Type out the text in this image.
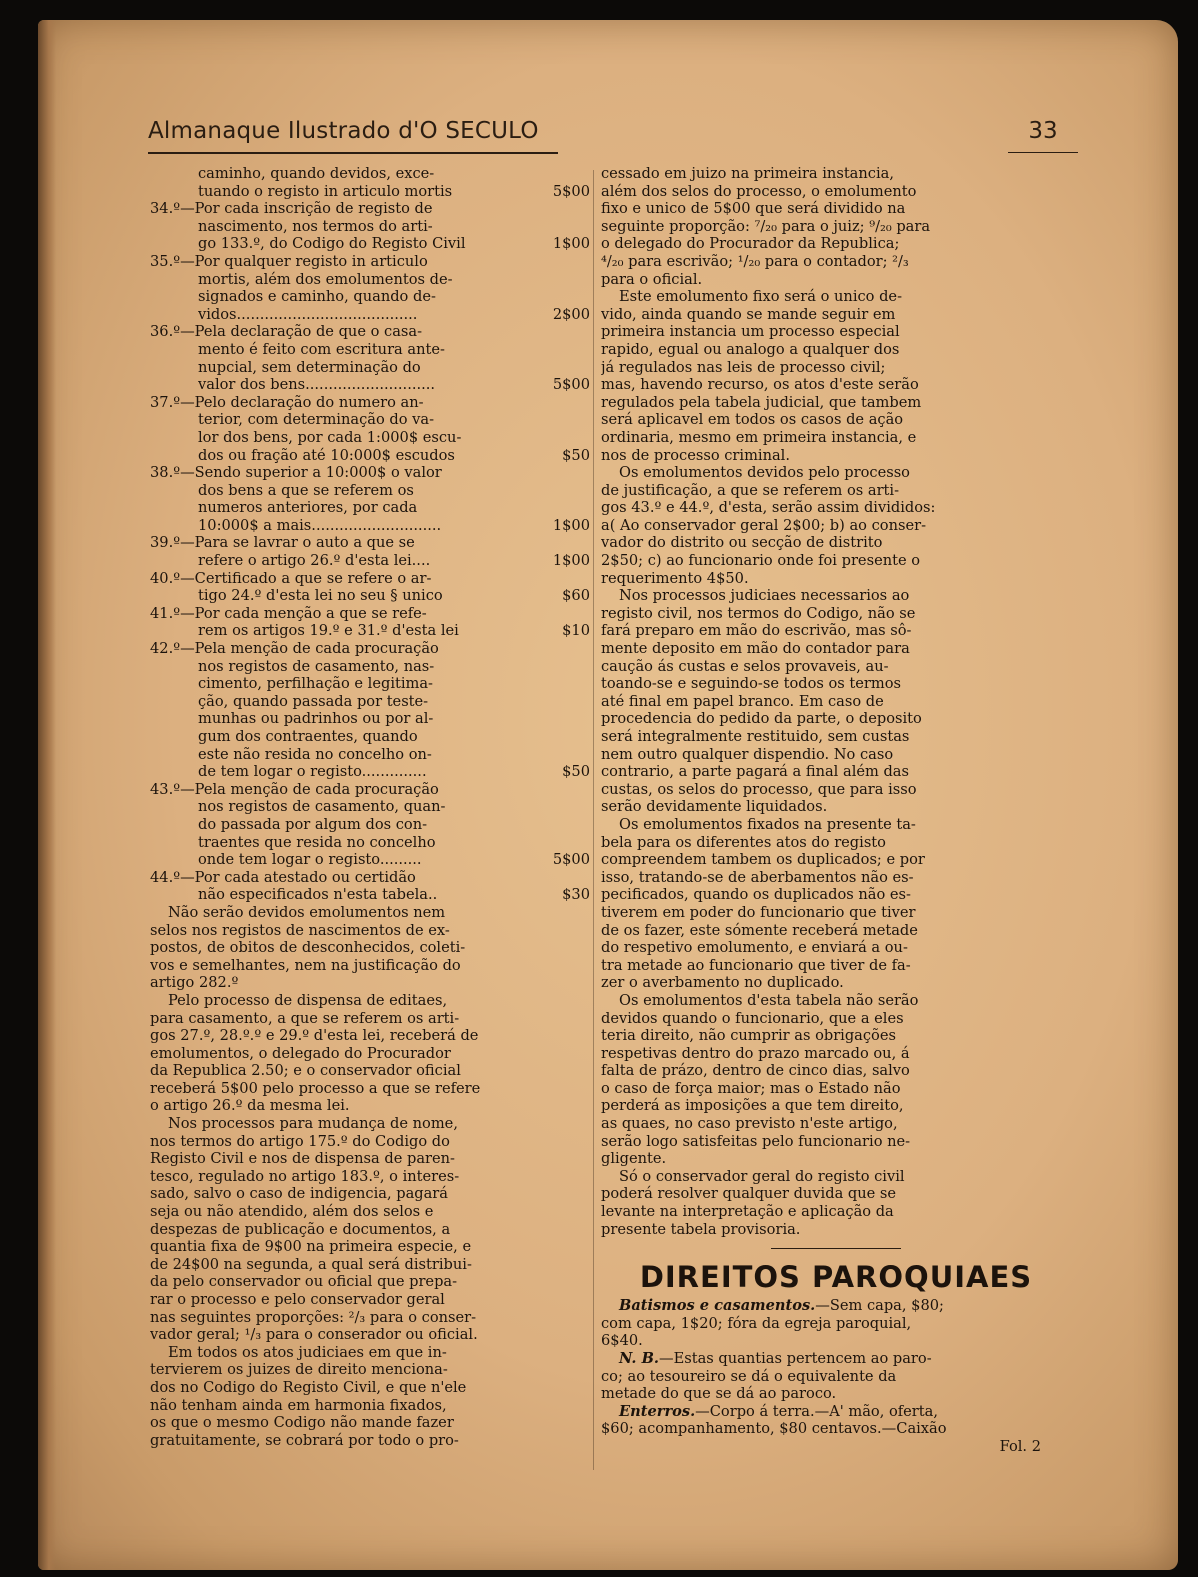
Almanaque Ilustrado d'O SECULO	33
caminho, quando devidos, exce-
tuando o registo in articulo mortis	5$00
34.º—Por cada inscrição de registo de
nascimento, nos termos do arti-
go 133.º, do Codigo do Registo Civil	1$00
35.º—Por qualquer registo in articulo
mortis, além dos emolumentos de-
signados e caminho, quando de-
vidos.......................................	2$00
36.º—Pela declaração de que o casa-
mento é feito com escritura ante-
nupcial, sem determinação do
valor dos bens............................	5$00
37.º—Pelo declaração do numero an-
terior, com determinação do va-
lor dos bens, por cada 1:000$ escu-
dos ou fração até 10:000$ escudos	$50
38.º—Sendo superior a 10:000$ o valor
dos bens a que se referem os
numeros anteriores, por cada
10:000$ a mais............................	1$00
39.º—Para se lavrar o auto a que se
refere o artigo 26.º d'esta lei....	1$00
40.º—Certificado a que se refere o ar-
tigo 24.º d'esta lei no seu § unico	$60
41.º—Por cada menção a que se refe-
rem os artigos 19.º e 31.º d'esta lei	$10
42.º—Pela menção de cada procuração
nos registos de casamento, nas-
cimento, perfilhação e legitima-
ção, quando passada por teste-
munhas ou padrinhos ou por al-
gum dos contraentes, quando
este não resida no concelho on-
de tem logar o registo..............	$50
43.º—Pela menção de cada procuração
nos registos de casamento, quan-
do passada por algum dos con-
traentes que resida no concelho
onde tem logar o registo.........	5$00
44.º—Por cada atestado ou certidão
não especificados n'esta tabela..	$30
Não serão devidos emolumentos nem
selos nos registos de nascimentos de ex-
postos, de obitos de desconhecidos, coleti-
vos e semelhantes, nem na justificação do
artigo 282.º
Pelo processo de dispensa de editaes,
para casamento, a que se referem os arti-
gos 27.º, 28.º.º e 29.º d'esta lei, receberá de
emolumentos, o delegado do Procurador
da Republica 2.50; e o conservador oficial
receberá 5$00 pelo processo a que se refere
o artigo 26.º da mesma lei.
Nos processos para mudança de nome,
nos termos do artigo 175.º do Codigo do
Registo Civil e nos de dispensa de paren-
tesco, regulado no artigo 183.º, o interes-
sado, salvo o caso de indigencia, pagará
seja ou não atendido, além dos selos e
despezas de publicação e documentos, a
quantia fixa de 9$00 na primeira especie, e
de 24$00 na segunda, a qual será distribui-
da pelo conservador ou oficial que prepa-
rar o processo e pelo conservador geral
nas seguintes proporções: ²/₃ para o conser-
vador geral; ¹/₃ para o conserador ou oficial.
Em todos os atos judiciaes em que in-
tervierem os juizes de direito menciona-
dos no Codigo do Registo Civil, e que n'ele
não tenham ainda em harmonia fixados,
os que o mesmo Codigo não mande fazer
gratuitamente, se cobrará por todo o pro-
cessado em juizo na primeira instancia,
além dos selos do processo, o emolumento
fixo e unico de 5$00 que será dividido na
seguinte proporção: ⁷/₂₀ para o juiz; ⁹/₂₀ para
o delegado do Procurador da Republica;
⁴/₂₀ para escrivão; ¹/₂₀ para o contador; ²/₃
para o oficial.
Este emolumento fixo será o unico de-
vido, ainda quando se mande seguir em
primeira instancia um processo especial
rapido, egual ou analogo a qualquer dos
já regulados nas leis de processo civil;
mas, havendo recurso, os atos d'este serão
regulados pela tabela judicial, que tambem
será aplicavel em todos os casos de ação
ordinaria, mesmo em primeira instancia, e
nos de processo criminal.
Os emolumentos devidos pelo processo
de justificação, a que se referem os arti-
gos 43.º e 44.º, d'esta, serão assim divididos:
a( Ao conservador geral 2$00; b) ao conser-
vador do distrito ou secção de distrito
2$50; c) ao funcionario onde foi presente o
requerimento 4$50.
Nos processos judiciaes necessarios ao
registo civil, nos termos do Codigo, não se
fará preparo em mão do escrivão, mas sô-
mente deposito em mão do contador para
caução ás custas e selos provaveis, au-
toando-se e seguindo-se todos os termos
até final em papel branco. Em caso de
procedencia do pedido da parte, o deposito
será integralmente restituido, sem custas
nem outro qualquer dispendio. No caso
contrario, a parte pagará a final além das
custas, os selos do processo, que para isso
serão devidamente liquidados.
Os emolumentos fixados na presente ta-
bela para os diferentes atos do registo
compreendem tambem os duplicados; e por
isso, tratando-se de aberbamentos não es-
pecificados, quando os duplicados não es-
tiverem em poder do funcionario que tiver
de os fazer, este sómente receberá metade
do respetivo emolumento, e enviará a ou-
tra metade ao funcionario que tiver de fa-
zer o averbamento no duplicado.
Os emolumentos d'esta tabela não serão
devidos quando o funcionario, que a eles
teria direito, não cumprir as obrigações
respetivas dentro do prazo marcado ou, á
falta de prázo, dentro de cinco dias, salvo
o caso de força maior; mas o Estado não
perderá as imposições a que tem direito,
as quaes, no caso previsto n'este artigo,
serão logo satisfeitas pelo funcionario ne-
gligente.
Só o conservador geral do registo civil
poderá resolver qualquer duvida que se
levante na interpretação e aplicação da
presente tabela provisoria.
DIREITOS PAROQUIAES
Batismos e casamentos.—Sem capa, $80;
com capa, 1$20; fóra da egreja paroquial,
6$40.
N. B.—Estas quantias pertencem ao paro-
co; ao tesoureiro se dá o equivalente da
metade do que se dá ao paroco.
Enterros.—Corpo á terra.—A' mão, oferta,
$60; acompanhamento, $80 centavos.—Caixão
Fol. 2
